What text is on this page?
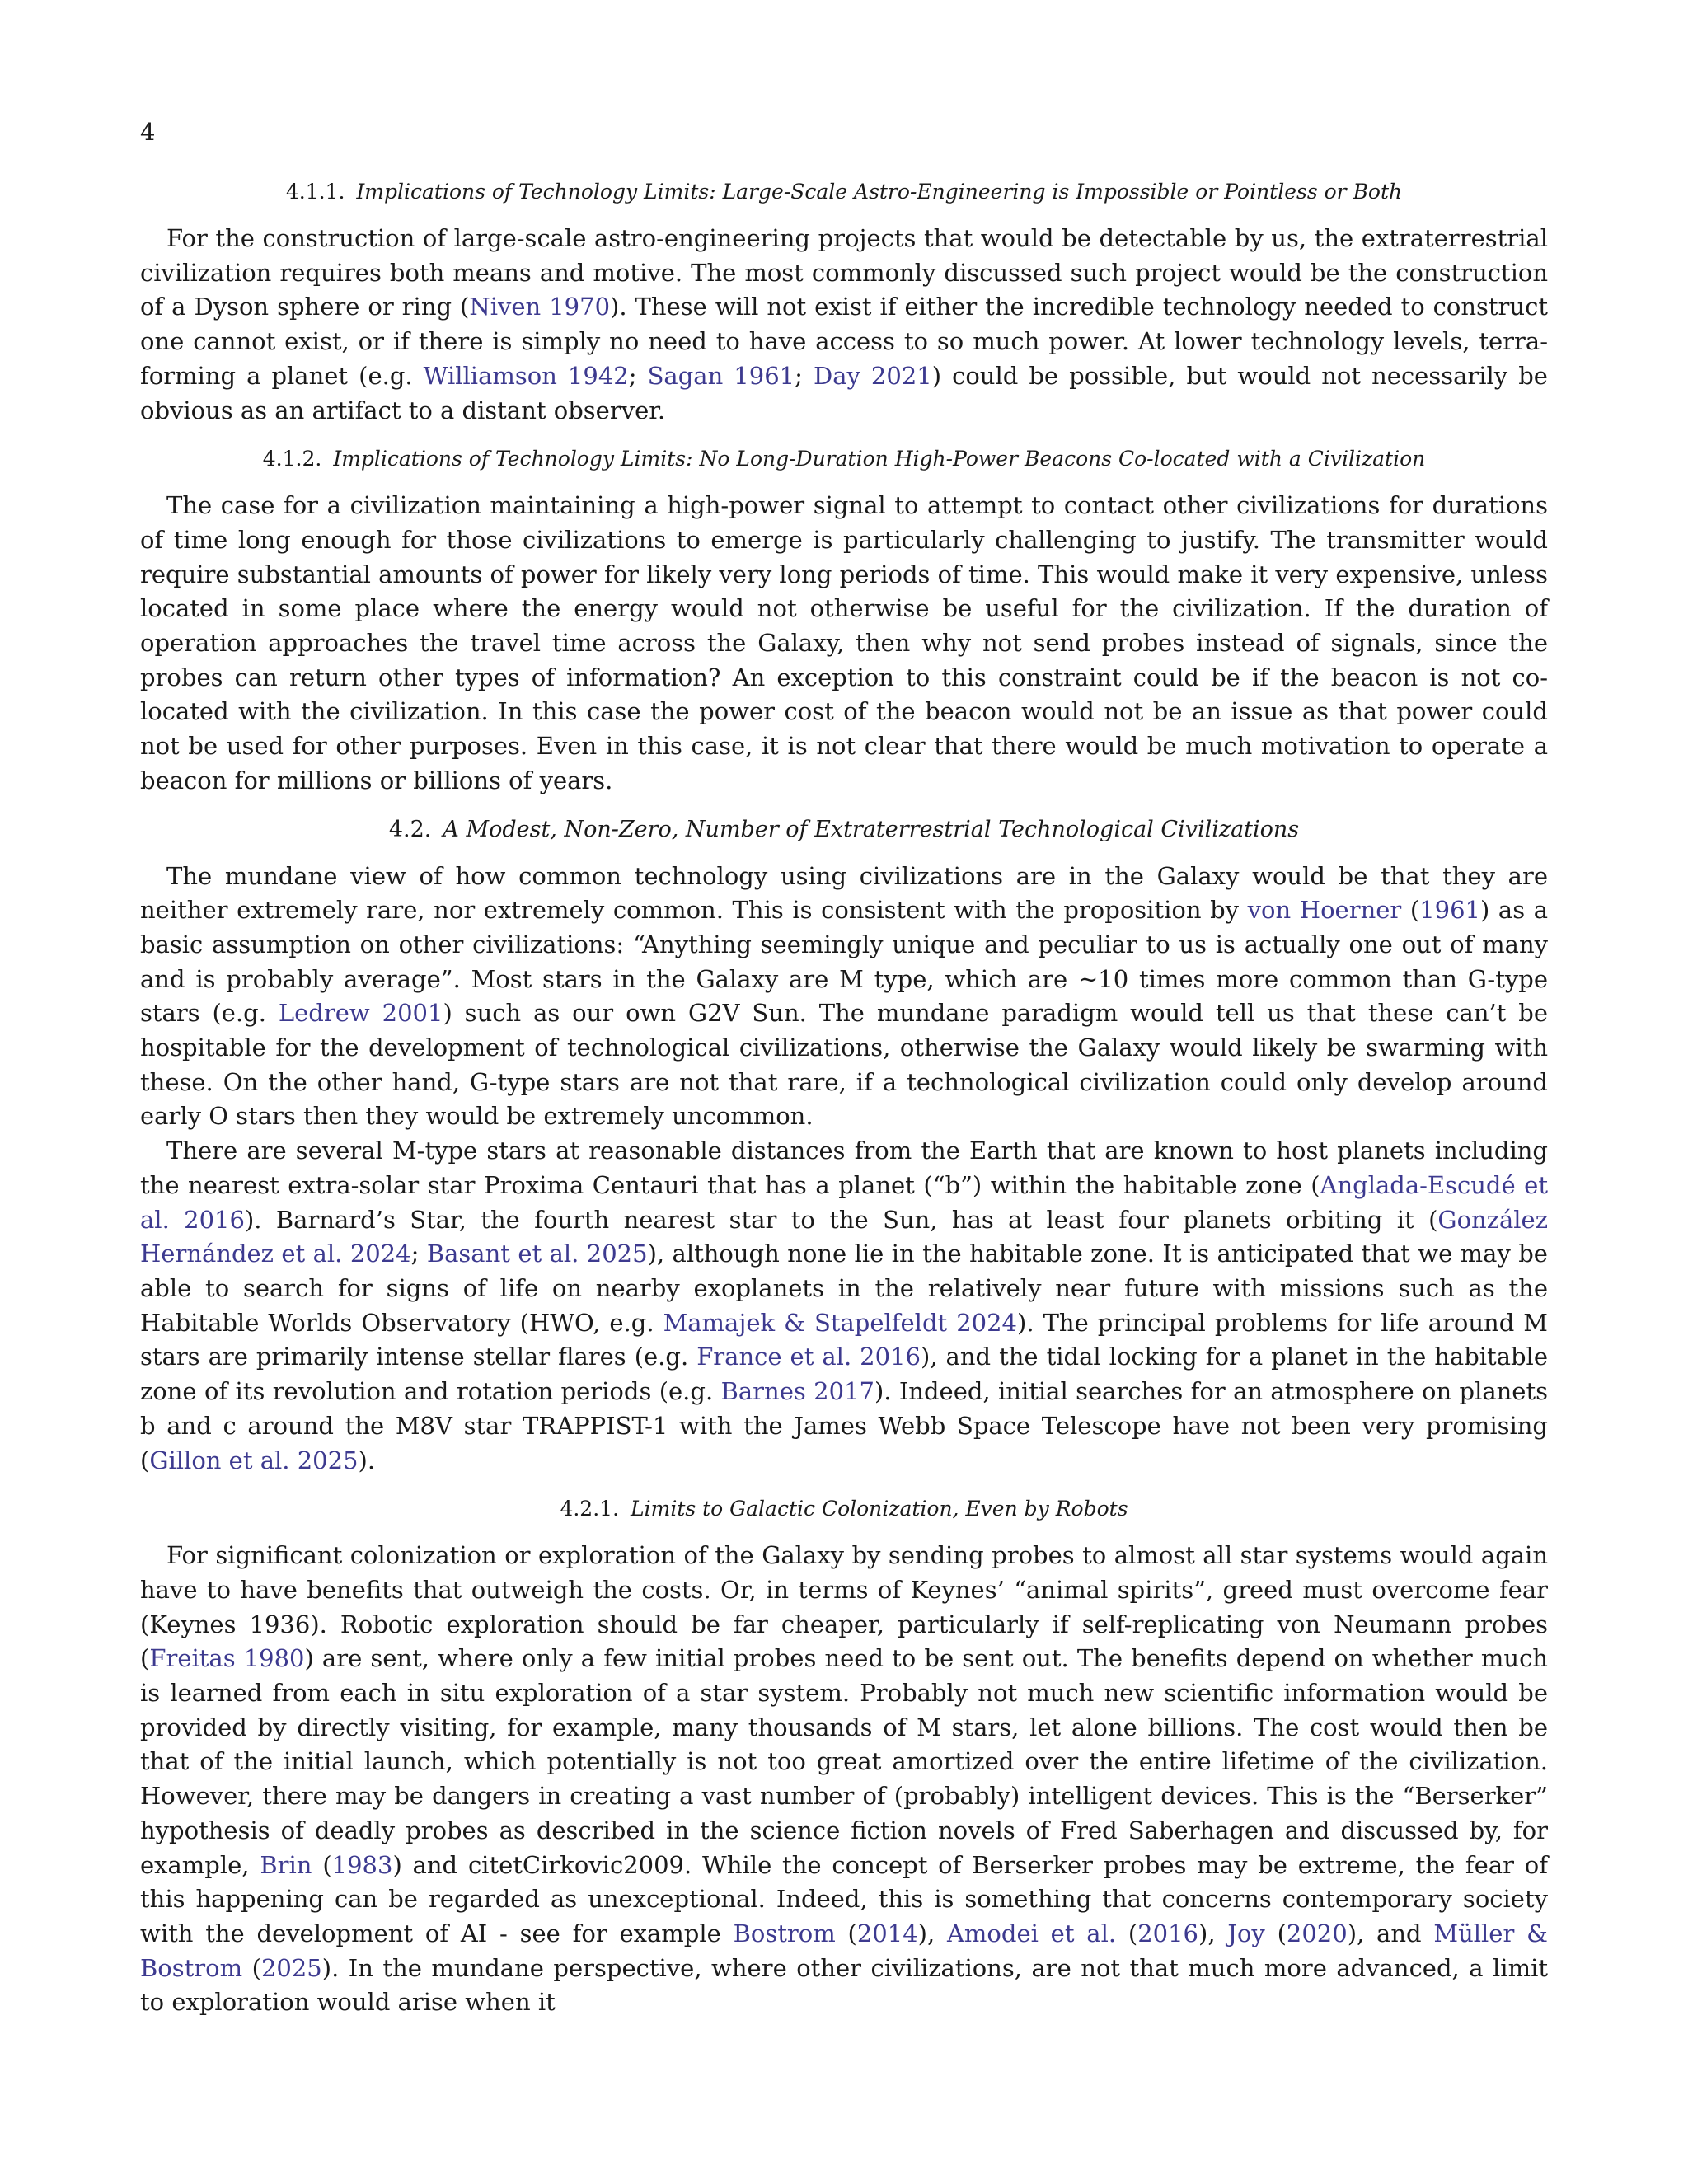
4
4.1.1. Implications of Technology Limits: Large-Scale Astro-Engineering is Impossible or Pointless or Both

For the construction of large-scale astro-engineering projects that would be detectable by us, the extraterrestrial civilization requires both means and motive. The most commonly discussed such project would be the construction of a Dyson sphere or ring (Niven 1970). These will not exist if either the incredible technology needed to construct one cannot exist, or if there is simply no need to have access to so much power. At lower technology levels, terra-forming a planet (e.g. Williamson 1942; Sagan 1961; Day 2021) could be possible, but would not necessarily be obvious as an artifact to a distant observer.

4.1.2. Implications of Technology Limits: No Long-Duration High-Power Beacons Co-located with a Civilization

The case for a civilization maintaining a high-power signal to attempt to contact other civilizations for durations of time long enough for those civilizations to emerge is particularly challenging to justify. The transmitter would require substantial amounts of power for likely very long periods of time. This would make it very expensive, unless located in some place where the energy would not otherwise be useful for the civilization. If the duration of operation approaches the travel time across the Galaxy, then why not send probes instead of signals, since the probes can return other types of information? An exception to this constraint could be if the beacon is not co-located with the civilization. In this case the power cost of the beacon would not be an issue as that power could not be used for other purposes. Even in this case, it is not clear that there would be much motivation to operate a beacon for millions or billions of years.

4.2. A Modest, Non-Zero, Number of Extraterrestrial Technological Civilizations

The mundane view of how common technology using civilizations are in the Galaxy would be that they are neither extremely rare, nor extremely common. This is consistent with the proposition by von Hoerner (1961) as a basic assumption on other civilizations: “Anything seemingly unique and peculiar to us is actually one out of many and is probably average”. Most stars in the Galaxy are M type, which are ∼10 times more common than G-type stars (e.g. Ledrew 2001) such as our own G2V Sun. The mundane paradigm would tell us that these can’t be hospitable for the development of technological civilizations, otherwise the Galaxy would likely be swarming with these. On the other hand, G-type stars are not that rare, if a technological civilization could only develop around early O stars then they would be extremely uncommon.

There are several M-type stars at reasonable distances from the Earth that are known to host planets including the nearest extra-solar star Proxima Centauri that has a planet (“b”) within the habitable zone (Anglada-Escudé et al. 2016). Barnard’s Star, the fourth nearest star to the Sun, has at least four planets orbiting it (González Hernández et al. 2024; Basant et al. 2025), although none lie in the habitable zone. It is anticipated that we may be able to search for signs of life on nearby exoplanets in the relatively near future with missions such as the Habitable Worlds Observatory (HWO, e.g. Mamajek & Stapelfeldt 2024). The principal problems for life around M stars are primarily intense stellar flares (e.g. France et al. 2016), and the tidal locking for a planet in the habitable zone of its revolution and rotation periods (e.g. Barnes 2017). Indeed, initial searches for an atmosphere on planets b and c around the M8V star TRAPPIST-1 with the James Webb Space Telescope have not been very promising (Gillon et al. 2025).

4.2.1. Limits to Galactic Colonization, Even by Robots

For significant colonization or exploration of the Galaxy by sending probes to almost all star systems would again have to have benefits that outweigh the costs. Or, in terms of Keynes’ “animal spirits”, greed must overcome fear (Keynes 1936). Robotic exploration should be far cheaper, particularly if self-replicating von Neumann probes (Freitas 1980) are sent, where only a few initial probes need to be sent out. The benefits depend on whether much is learned from each in situ exploration of a star system. Probably not much new scientific information would be provided by directly visiting, for example, many thousands of M stars, let alone billions. The cost would then be that of the initial launch, which potentially is not too great amortized over the entire lifetime of the civilization. However, there may be dangers in creating a vast number of (probably) intelligent devices. This is the “Berserker” hypothesis of deadly probes as described in the science fiction novels of Fred Saberhagen and discussed by, for example, Brin (1983) and citetCirkovic2009. While the concept of Berserker probes may be extreme, the fear of this happening can be regarded as unexceptional. Indeed, this is something that concerns contemporary society with the development of AI - see for example Bostrom (2014), Amodei et al. (2016), Joy (2020), and Müller & Bostrom (2025). In the mundane perspective, where other civilizations, are not that much more advanced, a limit to exploration would arise when it
